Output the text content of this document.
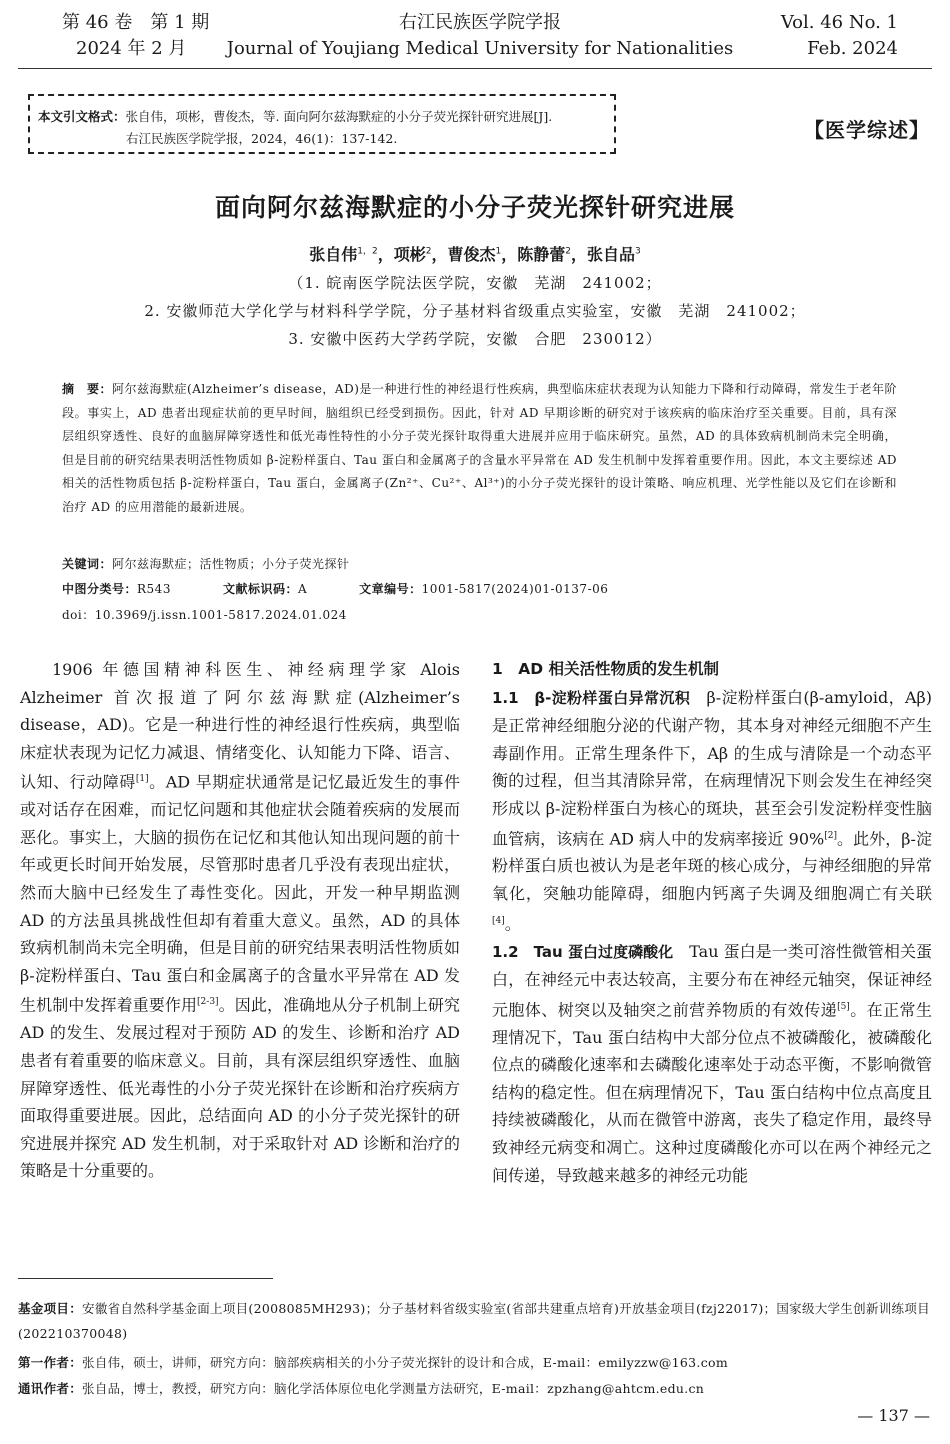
第 46 卷　第 1 期
2024 年 2 月
右江民族医学院学报
Journal of Youjiang Medical University for Nationalities
Vol. 46 No. 1
Feb. 2024
本文引文格式：张自伟，项彬，曹俊杰，等. 面向阿尔兹海默症的小分子荧光探针研究进展[J].
右江民族医学院学报，2024，46(1)：137-142.	【医学综述】
面向阿尔兹海默症的小分子荧光探针研究进展
张自伟$^{1,2}$，项彬$^2$，曹俊杰$^1$，陈静蕾$^2$，张自品$^3$
（1. 皖南医学院法医学院，安徽　芜湖　241002；
2. 安徽师范大学化学与材料科学学院，分子基材料省级重点实验室，安徽　芜湖　241002；
3. 安徽中医药大学药学院，安徽　合肥　230012）
摘　要：阿尔兹海默症(Alzheimer’s disease，AD)是一种进行性的神经退行性疾病，典型临床症状表现为认知能力下降和行动障碍，常发生于老年阶段。事实上，AD 患者出现症状前的更早时间，脑组织已经受到损伤。因此，针对 AD 早期诊断的研究对于该疾病的临床治疗至关重要。目前，具有深层组织穿透性、良好的血脑屏障穿透性和低光毒性特性的小分子荧光探针取得重大进展并应用于临床研究。虽然，AD 的具体致病机制尚未完全明确，但是目前的研究结果表明活性物质如 β-淀粉样蛋白、Tau 蛋白和金属离子的含量水平异常在 AD 发生机制中发挥着重要作用。因此，本文主要综述 AD 相关的活性物质包括 β-淀粉样蛋白，Tau 蛋白，金属离子(Zn²⁺、Cu²⁺、Al³⁺)的小分子荧光探针的设计策略、响应机理、光学性能以及它们在诊断和治疗 AD 的应用潜能的最新进展。
关键词：阿尔兹海默症；活性物质；小分子荧光探针
中图分类号：R543	文献标识码：A	文章编号：1001-5817(2024)01-0137-06
doi：10.3969/j.issn.1001-5817.2024.01.024

1906 年德国精神科医生、神经病理学家 Alois Alzheimer 首次报道了阿尔兹海默症(Alzheimer’s disease，AD)。它是一种进行性的神经退行性疾病，典型临床症状表现为记忆力减退、情绪变化、认知能力下降、语言、认知、行动障碍[1]。AD 早期症状通常是记忆最近发生的事件或对话存在困难，而记忆问题和其他症状会随着疾病的发展而恶化。事实上，大脑的损伤在记忆和其他认知出现问题的前十年或更长时间开始发展，尽管那时患者几乎没有表现出症状，然而大脑中已经发生了毒性变化。因此，开发一种早期监测 AD 的方法虽具挑战性但却有着重大意义。虽然，AD 的具体致病机制尚未完全明确，但是目前的研究结果表明活性物质如 β-淀粉样蛋白、Tau 蛋白和金属离子的含量水平异常在 AD 发生机制中发挥着重要作用[2-3]。因此，准确地从分子机制上研究 AD 的发生、发展过程对于预防 AD 的发生、诊断和治疗 AD 患者有着重要的临床意义。目前，具有深层组织穿透性、血脑屏障穿透性、低光毒性的小分子荧光探针在诊断和治疗疾病方面取得重要进展。因此，总结面向 AD 的小分子荧光探针的研究进展并探究 AD 发生机制，对于采取针对 AD 诊断和治疗的策略是十分重要的。

1　AD 相关活性物质的发生机制

1.1　β-淀粉样蛋白异常沉积　β-淀粉样蛋白(β-amyloid，Aβ)是正常神经细胞分泌的代谢产物，其本身对神经元细胞不产生毒副作用。正常生理条件下，Aβ 的生成与清除是一个动态平衡的过程，但当其清除异常，在病理情况下则会发生在神经突形成以 β-淀粉样蛋白为核心的斑块，甚至会引发淀粉样变性脑血管病，该病在 AD 病人中的发病率接近 90%[2]。此外，β-淀粉样蛋白质也被认为是老年斑的核心成分，与神经细胞的异常氧化，突触功能障碍，细胞内钙离子失调及细胞凋亡有关联[4]。

1.2　Tau 蛋白过度磷酸化　Tau 蛋白是一类可溶性微管相关蛋白，在神经元中表达较高，主要分布在神经元轴突，保证神经元胞体、树突以及轴突之前营养物质的有效传递[5]。在正常生理情况下，Tau 蛋白结构中大部分位点不被磷酸化，被磷酸化位点的磷酸化速率和去磷酸化速率处于动态平衡，不影响微管结构的稳定性。但在病理情况下，Tau 蛋白结构中位点高度且持续被磷酸化，从而在微管中游离，丧失了稳定作用，最终导致神经元病变和凋亡。这种过度磷酸化亦可以在两个神经元之间传递，导致越来越多的神经元功能

基金项目：安徽省自然科学基金面上项目(2008085MH293)；分子基材料省级实验室(省部共建重点培育)开放基金项目(fzj22017)；国家级大学生创新训练项目(202210370048)
第一作者：张自伟，硕士，讲师，研究方向：脑部疾病相关的小分子荧光探针的设计和合成，E-mail：emilyzzw@163.com
通讯作者：张自品，博士，教授，研究方向：脑化学活体原位电化学测量方法研究，E-mail：zpzhang@ahtcm.edu.cn
— 137 —
